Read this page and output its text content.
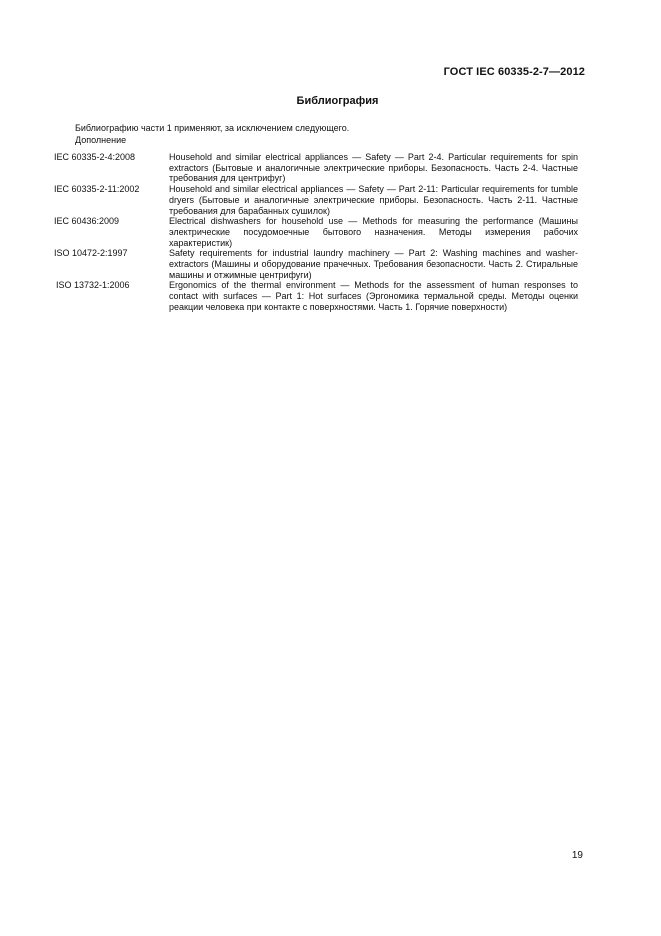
ГОСТ IEC 60335-2-7—2012
Библиография
Библиографию части 1 применяют, за исключением следующего.
Дополнение
IEC 60335-2-4:2008	Household and similar electrical appliances — Safety — Part 2-4. Particular requirements for spin extractors (Бытовые и аналогичные электрические приборы. Безопасность. Часть 2-4. Частные требования для центрифуг)
IEC 60335-2-11:2002	Household and similar electrical appliances — Safety — Part 2-11: Particular requirements for tumble dryers (Бытовые и аналогичные электрические приборы. Безопасность. Часть 2-11. Частные требования для барабанных сушилок)
IEC 60436:2009	Electrical dishwashers for household use — Methods for measuring the performance (Машины электрические посудомоечные бытового назначения. Методы измерения рабочих характеристик)
ISO 10472-2:1997	Safety requirements for industrial laundry machinery — Part 2: Washing machines and washer-extractors (Машины и оборудование прачечных. Требования безопасности. Часть 2. Стиральные машины и отжимные центрифуги)
ISO 13732-1:2006	Ergonomics of the thermal environment — Methods for the assessment of human responses to contact with surfaces — Part 1: Hot surfaces (Эргономика термальной среды. Методы оценки реакции человека при контакте с поверхностями. Часть 1. Горячие поверхности)
19
